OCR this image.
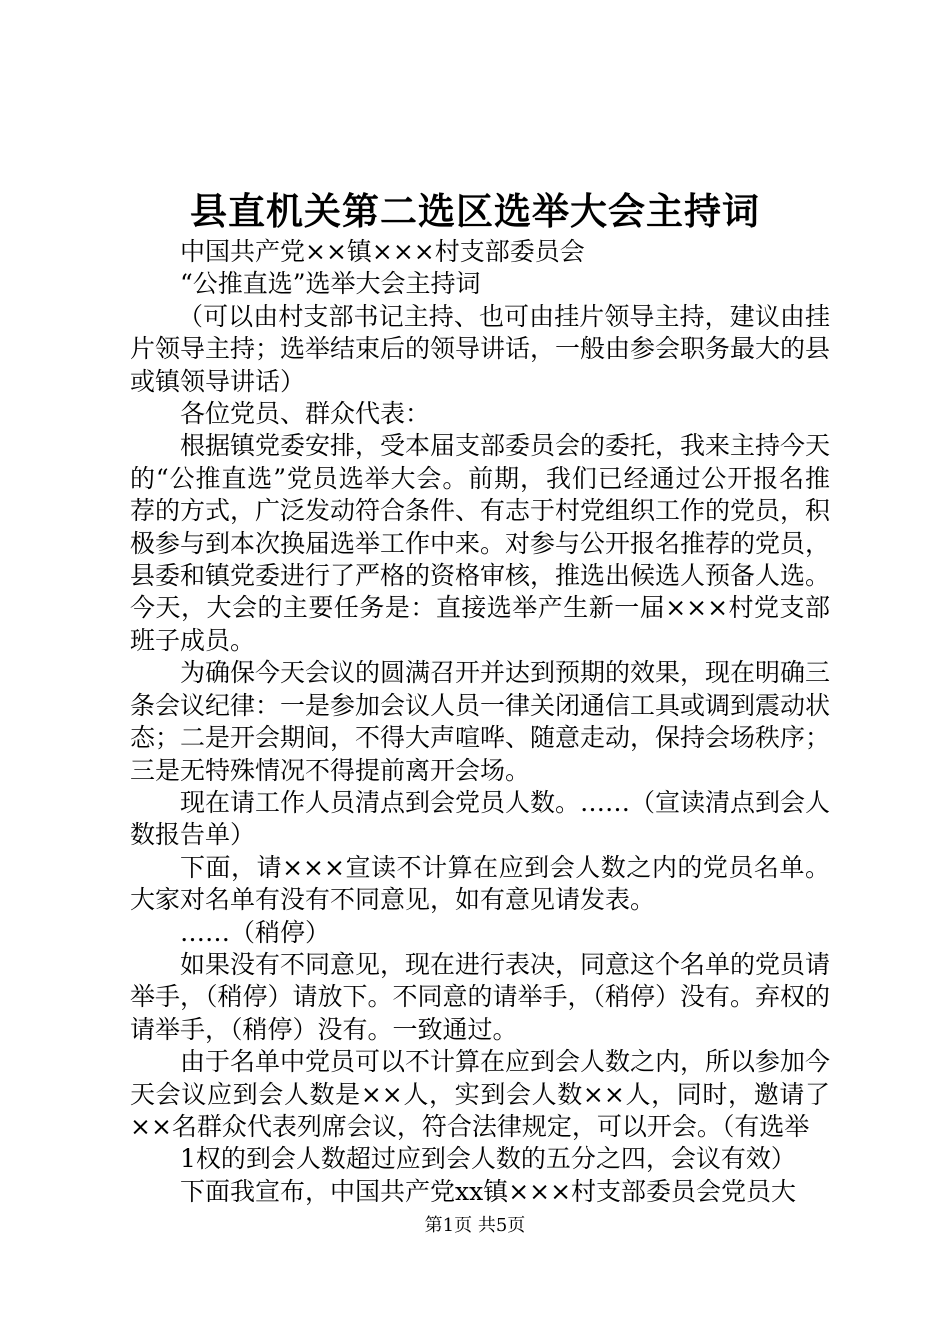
县直机关第二选区选举大会主持词

中国共产党××镇×××村支部委员会

“公推直选”选举大会主持词

（可以由村支部书记主持、也可由挂片领导主持，建议由挂片领导主持；选举结束后的领导讲话，一般由参会职务最大的县或镇领导讲话）

各位党员、群众代表：

根据镇党委安排，受本届支部委员会的委托，我来主持今天的“公推直选”党员选举大会。前期，我们已经通过公开报名推荐的方式，广泛发动符合条件、有志于村党组织工作的党员，积极参与到本次换届选举工作中来。对参与公开报名推荐的党员，县委和镇党委进行了严格的资格审核，推选出候选人预备人选。今天，大会的主要任务是：直接选举产生新一届×××村党支部班子成员。

为确保今天会议的圆满召开并达到预期的效果，现在明确三条会议纪律：一是参加会议人员一律关闭通信工具或调到震动状态；二是开会期间，不得大声喧哗、随意走动，保持会场秩序；三是无特殊情况不得提前离开会场。

现在请工作人员清点到会党员人数。……（宣读清点到会人数报告单）

下面，请×××宣读不计算在应到会人数之内的党员名单。大家对名单有没有不同意见，如有意见请发表。

……（稍停）

如果没有不同意见，现在进行表决，同意这个名单的党员请举手，（稍停）请放下。不同意的请举手，（稍停）没有。弃权的请举手，（稍停）没有。一致通过。

由于名单中党员可以不计算在应到会人数之内，所以参加今天会议应到会人数是××人，实到会人数××人，同时，邀请了××名群众代表列席会议，符合法律规定，可以开会。（有选举

1权的到会人数超过应到会人数的五分之四，会议有效）

下面我宣布，中国共产党xx镇×××村支部委员会党员大

第1页 共5页
